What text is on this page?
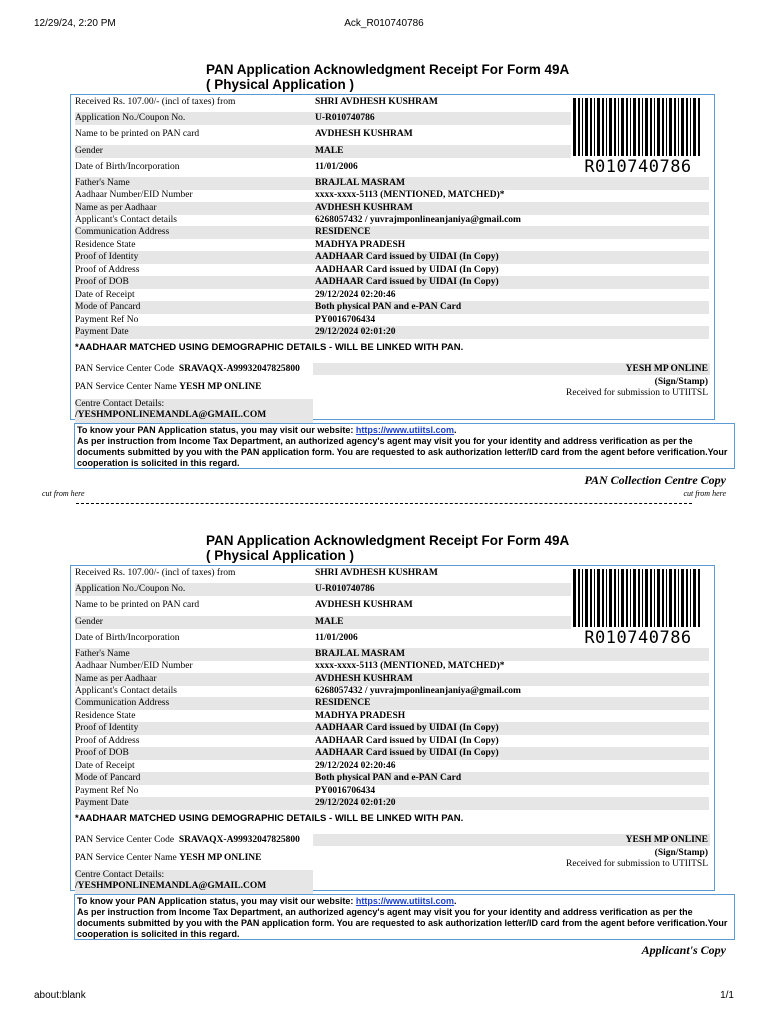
12/29/24, 2:20 PM	Ack_R010740786
PAN Application Acknowledgment Receipt For Form 49A
( Physical Application )
Received Rs. 107.00/- (incl of taxes) from	SHRI AVDHESH KUSHRAM
Application No./Coupon No.	U-R010740786
Name to be printed on PAN card	AVDHESH KUSHRAM
Gender	MALE
Date of Birth/Incorporation	11/01/2006
Father's Name	BRAJLAL MASRAM
Aadhaar Number/EID Number	xxxx-xxxx-5113 (MENTIONED, MATCHED)*
Name as per Aadhaar	AVDHESH KUSHRAM
Applicant's Contact details	6268057432 / yuvrajmponlineanjaniya@gmail.com
Communication Address	RESIDENCE
Residence State	MADHYA PRADESH
Proof of Identity	AADHAAR Card issued by UIDAI (In Copy)
Proof of Address	AADHAAR Card issued by UIDAI (In Copy)
Proof of DOB	AADHAAR Card issued by UIDAI (In Copy)
Date of Receipt	29/12/2024 02:20:46
Mode of Pancard	Both physical PAN and e-PAN Card
Payment Ref No	PY0016706434
Payment Date	29/12/2024 02:01:20
R010740786
*AADHAAR MATCHED USING DEMOGRAPHIC DETAILS - WILL BE LINKED WITH PAN.
PAN Service Center Code SRAVAQX-A99932047825800	YESH MP ONLINE
PAN Service Center Name YESH MP ONLINE	(Sign/Stamp)
Received for submission to UTIITSL
Centre Contact Details:
/YESHMPONLINEMANDLA@GMAIL.COM
To know your PAN Application status, you may visit our website: https://www.utiitsl.com.
As per instruction from Income Tax Department, an authorized agency's agent may visit you for your identity and address verification as per the documents submitted by you with the PAN application form. You are requested to ask authorization letter/ID card from the agent before verification.Your cooperation is solicited in this regard.
PAN Collection Centre Copy
cut from here	cut from here
PAN Application Acknowledgment Receipt For Form 49A
( Physical Application )
Received Rs. 107.00/- (incl of taxes) from	SHRI AVDHESH KUSHRAM
Application No./Coupon No.	U-R010740786
Name to be printed on PAN card	AVDHESH KUSHRAM
Gender	MALE
Date of Birth/Incorporation	11/01/2006
Father's Name	BRAJLAL MASRAM
Aadhaar Number/EID Number	xxxx-xxxx-5113 (MENTIONED, MATCHED)*
Name as per Aadhaar	AVDHESH KUSHRAM
Applicant's Contact details	6268057432 / yuvrajmponlineanjaniya@gmail.com
Communication Address	RESIDENCE
Residence State	MADHYA PRADESH
Proof of Identity	AADHAAR Card issued by UIDAI (In Copy)
Proof of Address	AADHAAR Card issued by UIDAI (In Copy)
Proof of DOB	AADHAAR Card issued by UIDAI (In Copy)
Date of Receipt	29/12/2024 02:20:46
Mode of Pancard	Both physical PAN and e-PAN Card
Payment Ref No	PY0016706434
Payment Date	29/12/2024 02:01:20
R010740786
*AADHAAR MATCHED USING DEMOGRAPHIC DETAILS - WILL BE LINKED WITH PAN.
PAN Service Center Code SRAVAQX-A99932047825800	YESH MP ONLINE
PAN Service Center Name YESH MP ONLINE	(Sign/Stamp)
Received for submission to UTIITSL
Centre Contact Details:
/YESHMPONLINEMANDLA@GMAIL.COM
To know your PAN Application status, you may visit our website: https://www.utiitsl.com.
As per instruction from Income Tax Department, an authorized agency's agent may visit you for your identity and address verification as per the documents submitted by you with the PAN application form. You are requested to ask authorization letter/ID card from the agent before verification.Your cooperation is solicited in this regard.
Applicant's Copy
about:blank	1/1
